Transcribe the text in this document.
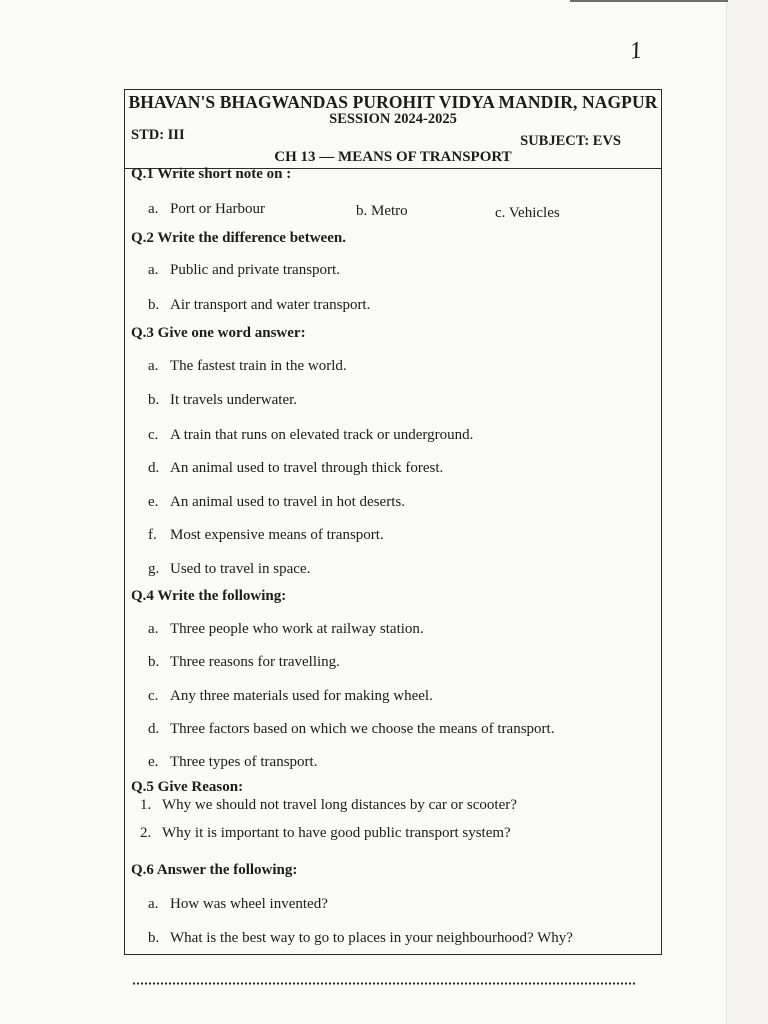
1
BHAVAN'S BHAGWANDAS PUROHIT VIDYA MANDIR, NAGPUR
SESSION 2024-2025
STD: III	SUBJECT: EVS
CH 13 — MEANS OF TRANSPORT
Q.1 Write short note on :
a. Port or Harbour	b. Metro	c. Vehicles
Q.2 Write the difference between.
a. Public and private transport.
b. Air transport and water transport.
Q.3 Give one word answer:
a. The fastest train in the world.
b. It travels underwater.
c. A train that runs on elevated track or underground.
d. An animal used to travel through thick forest.
e. An animal used to travel in hot deserts.
f. Most expensive means of transport.
g. Used to travel in space.
Q.4 Write the following:
a. Three people who work at railway station.
b. Three reasons for travelling.
c. Any three materials used for making wheel.
d. Three factors based on which we choose the means of transport.
e. Three types of transport.
Q.5 Give Reason:
1. Why we should not travel long distances by car or scooter?
2. Why it is important to have good public transport system?
Q.6 Answer the following:
a. How was wheel invented?
b. What is the best way to go to places in your neighbourhood? Why?
